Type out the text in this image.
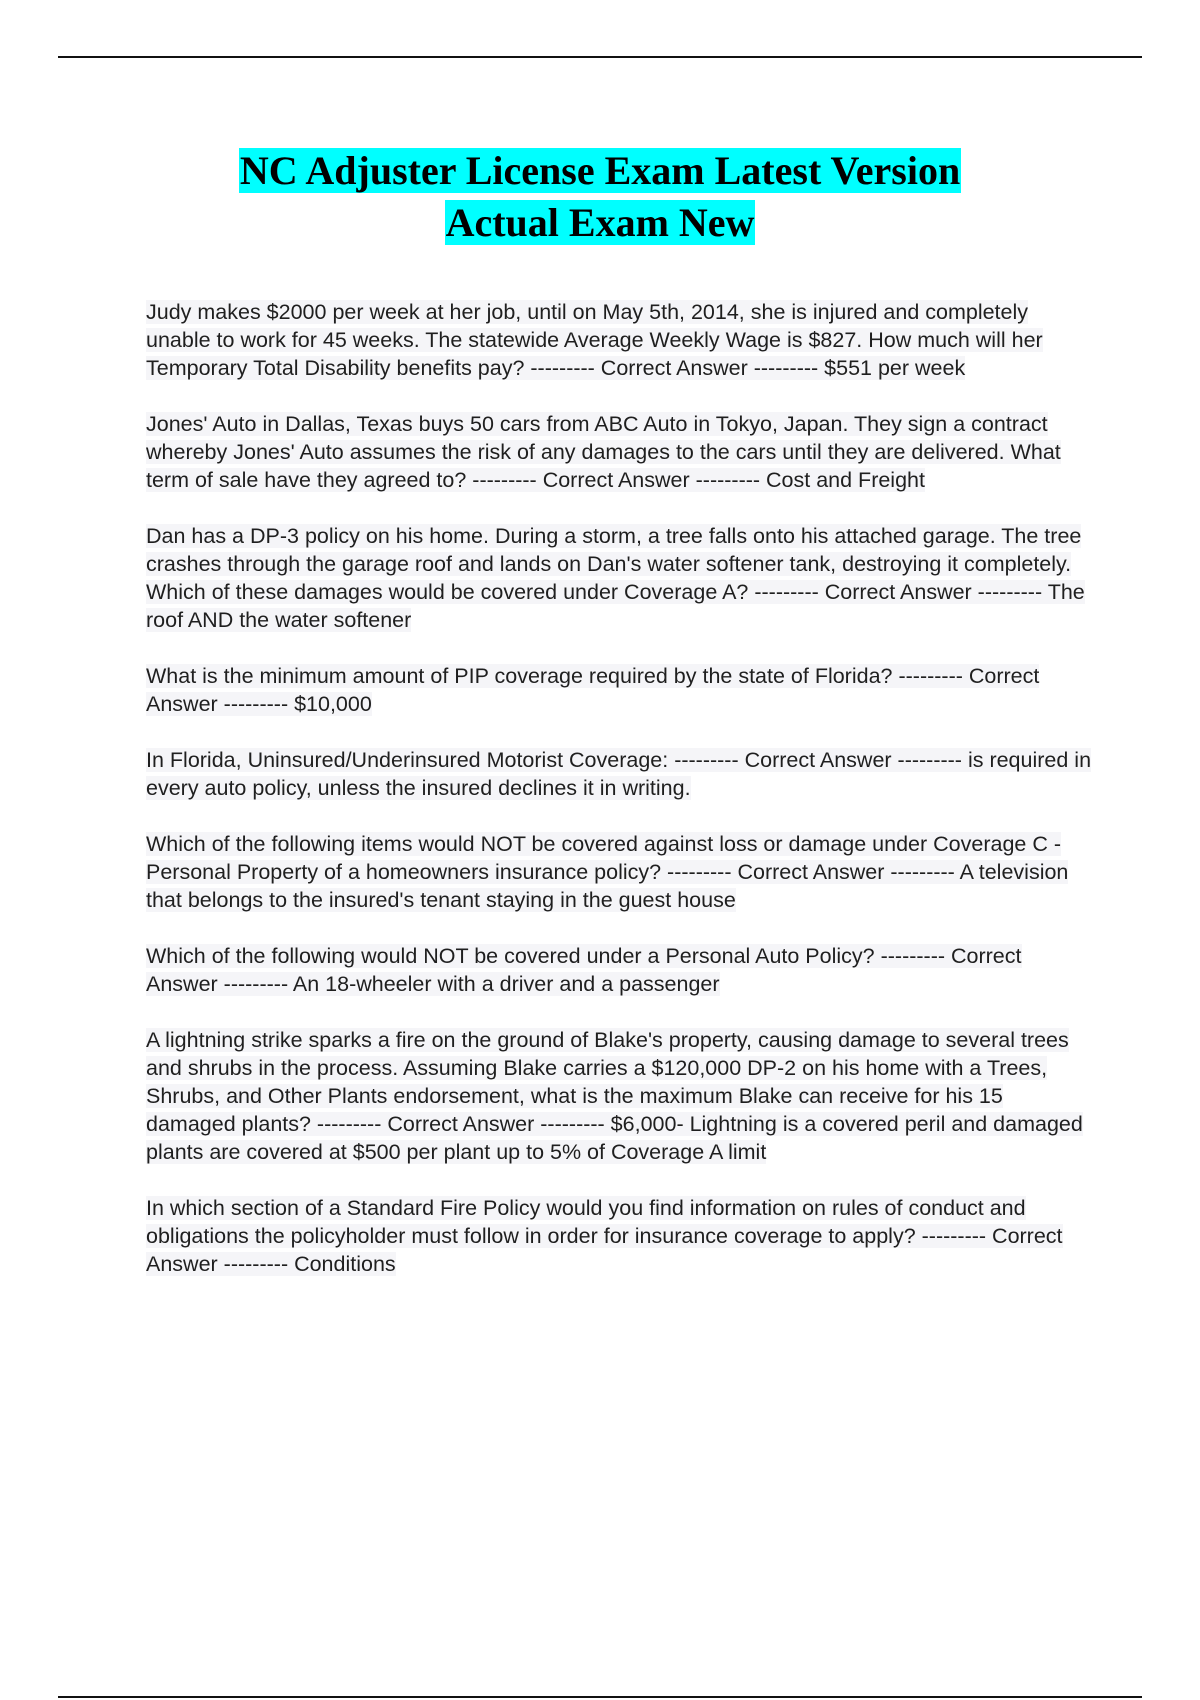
NC Adjuster License Exam Latest Version
Actual Exam New

Judy makes $2000 per week at her job, until on May 5th, 2014, she is injured and completely unable to work for 45 weeks. The statewide Average Weekly Wage is $827. How much will her Temporary Total Disability benefits pay? --------- Correct Answer --------- $551 per week

Jones' Auto in Dallas, Texas buys 50 cars from ABC Auto in Tokyo, Japan. They sign a contract whereby Jones' Auto assumes the risk of any damages to the cars until they are delivered. What term of sale have they agreed to? --------- Correct Answer --------- Cost and Freight

Dan has a DP-3 policy on his home. During a storm, a tree falls onto his attached garage. The tree crashes through the garage roof and lands on Dan's water softener tank, destroying it completely. Which of these damages would be covered under Coverage A? --------- Correct Answer --------- The roof AND the water softener

What is the minimum amount of PIP coverage required by the state of Florida? --------- Correct Answer --------- $10,000

In Florida, Uninsured/Underinsured Motorist Coverage: --------- Correct Answer --------- is required in every auto policy, unless the insured declines it in writing.

Which of the following items would NOT be covered against loss or damage under Coverage C - Personal Property of a homeowners insurance policy? --------- Correct Answer --------- A television that belongs to the insured's tenant staying in the guest house

Which of the following would NOT be covered under a Personal Auto Policy? --------- Correct Answer --------- An 18-wheeler with a driver and a passenger

A lightning strike sparks a fire on the ground of Blake's property, causing damage to several trees and shrubs in the process. Assuming Blake carries a $120,000 DP-2 on his home with a Trees, Shrubs, and Other Plants endorsement, what is the maximum Blake can receive for his 15 damaged plants? --------- Correct Answer --------- $6,000- Lightning is a covered peril and damaged plants are covered at $500 per plant up to 5% of Coverage A limit

In which section of a Standard Fire Policy would you find information on rules of conduct and obligations the policyholder must follow in order for insurance coverage to apply? --------- Correct Answer --------- Conditions
